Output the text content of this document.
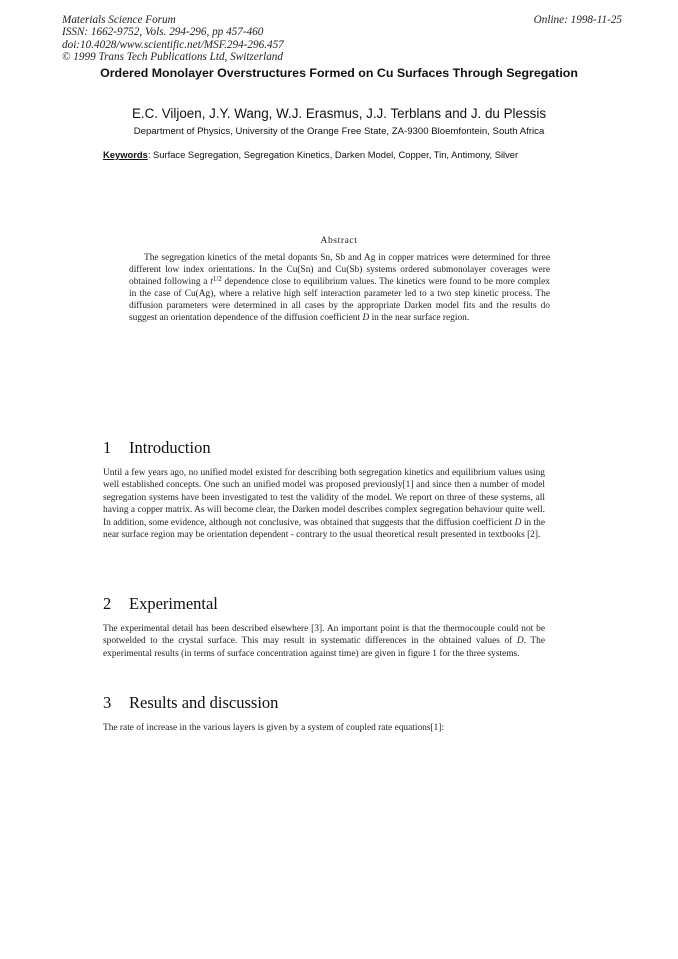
Materials Science Forum
ISSN: 1662-9752, Vols. 294-296, pp 457-460
doi:10.4028/www.scientific.net/MSF.294-296.457
© 1999 Trans Tech Publications Ltd, Switzerland
Online: 1998-11-25
Ordered Monolayer Overstructures Formed on Cu Surfaces Through Segregation
E.C. Viljoen, J.Y. Wang, W.J. Erasmus, J.J. Terblans and J. du Plessis
Department of Physics, University of the Orange Free State, ZA-9300 Bloemfontein, South Africa
Keywords: Surface Segregation, Segregation Kinetics, Darken Model, Copper, Tin, Antimony, Silver
Abstract
The segregation kinetics of the metal dopants Sn, Sb and Ag in copper matrices were determined for three different low index orientations. In the Cu(Sn) and Cu(Sb) systems ordered submonolayer coverages were obtained following a $t^{1/2}$ dependence close to equilibrium values. The kinetics were found to be more complex in the case of Cu(Ag), where a relative high self interaction parameter led to a two step kinetic process. The diffusion parameters were determined in all cases by the appropriate Darken model fits and the results do suggest an orientation dependence of the diffusion coefficient D in the near surface region.
1 Introduction
Until a few years ago, no unified model existed for describing both segregation kinetics and equilibrium values using well established concepts. One such an unified model was proposed previously[1] and since then a number of model segregation systems have been investigated to test the validity of the model. We report on three of these systems, all having a copper matrix. As will become clear, the Darken model describes complex segregation behaviour quite well. In addition, some evidence, although not conclusive, was obtained that suggests that the diffusion coefficient D in the near surface region may be orientation dependent - contrary to the usual theoretical result presented in textbooks [2].
2 Experimental
The experimental detail has been described elsewhere [3]. An important point is that the thermocouple could not be spotwelded to the crystal surface. This may result in systematic differences in the obtained values of D. The experimental results (in terms of surface concentration against time) are given in figure 1 for the three systems.
3 Results and discussion
The rate of increase in the various layers is given by a system of coupled rate equations[1]:
